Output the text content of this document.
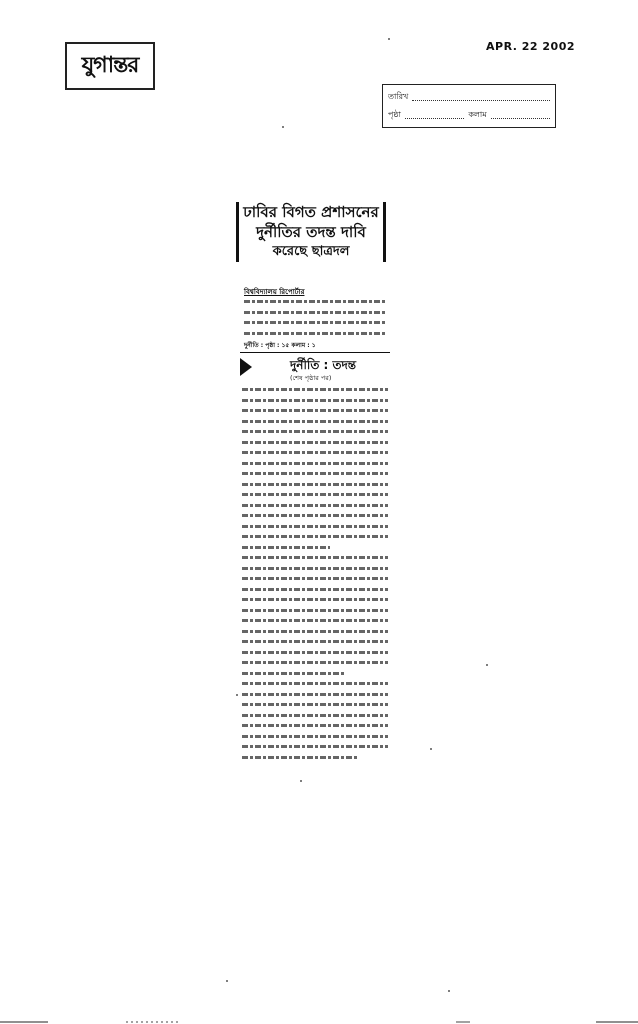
যুগান্তর
APR. 22 2002
তারিখ
পৃষ্ঠা	কলাম
ঢাবির বিগত প্রশাসনের
দুর্নীতির তদন্ত দাবি
করেছে ছাত্রদল
বিশ্ববিদ্যালয় রিপোর্টার
দুর্নীতি : পৃষ্ঠা : ১৫ কলাম : ১
দুর্নীতি : তদন্ত
(শেষ পৃষ্ঠার পর)
